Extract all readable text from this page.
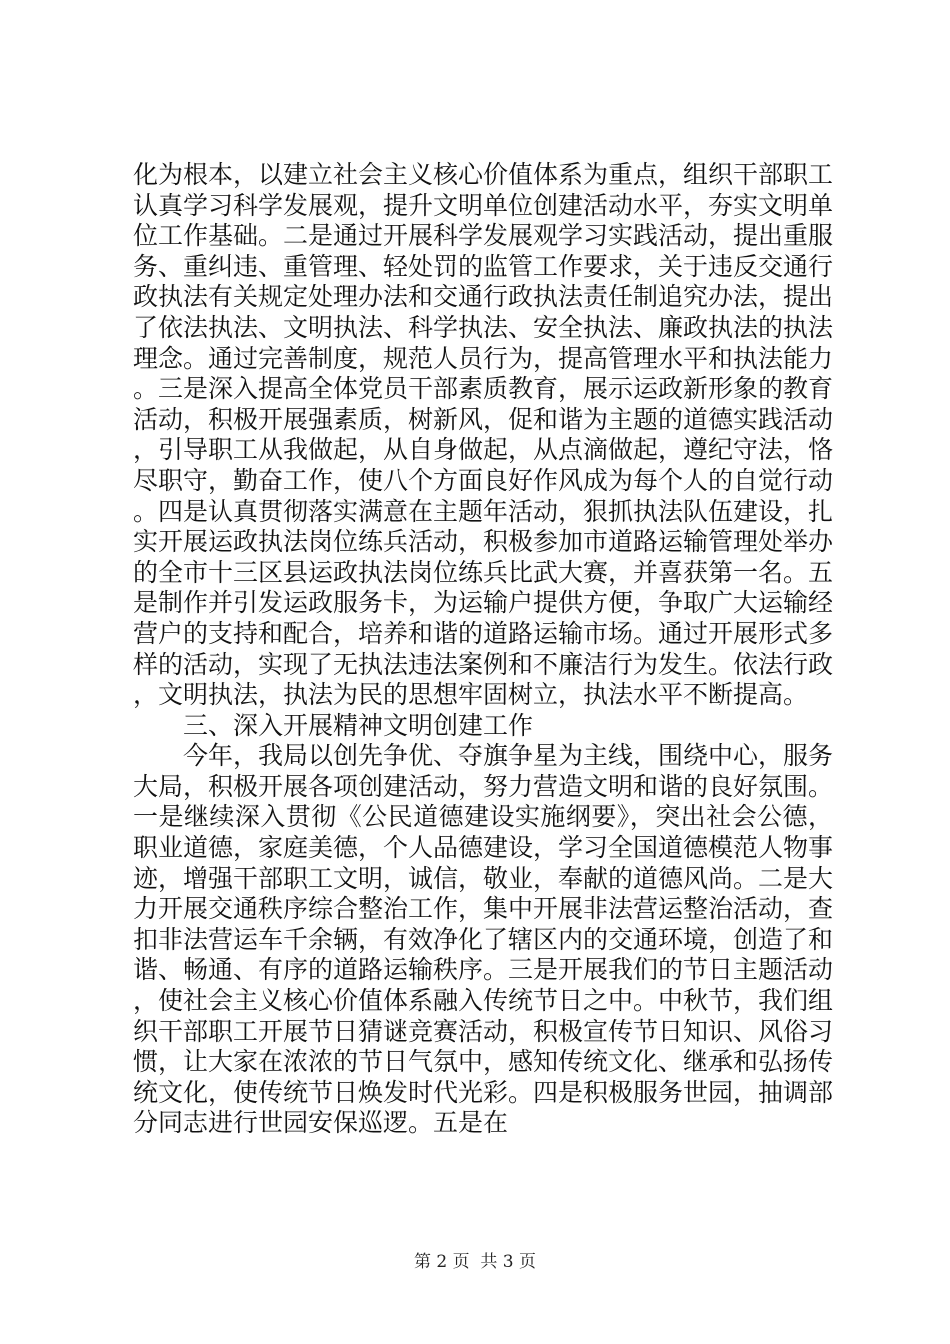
化为根本，以建立社会主义核心价值体系为重点，组织干部职工认真学习科学发展观，提升文明单位创建活动水平，夯实文明单位工作基础。二是通过开展科学发展观学习实践活动，提出重服务、重纠违、重管理、轻处罚的监管工作要求，关于违反交通行政执法有关规定处理办法和交通行政执法责任制追究办法，提出了依法执法、文明执法、科学执法、安全执法、廉政执法的执法理念。通过完善制度，规范人员行为，提高管理水平和执法能力。三是深入提高全体党员干部素质教育，展示运政新形象的教育活动，积极开展强素质，树新风，促和谐为主题的道德实践活动，引导职工从我做起，从自身做起，从点滴做起，遵纪守法，恪尽职守，勤奋工作，使八个方面良好作风成为每个人的自觉行动。四是认真贯彻落实满意在主题年活动，狠抓执法队伍建设，扎实开展运政执法岗位练兵活动，积极参加市道路运输管理处举办的全市十三区县运政执法岗位练兵比武大赛，并喜获第一名。五是制作并引发运政服务卡，为运输户提供方便，争取广大运输经营户的支持和配合，培养和谐的道路运输市场。通过开展形式多样的活动，实现了无执法违法案例和不廉洁行为发生。依法行政，文明执法，执法为民的思想牢固树立，执法水平不断提高。

三、深入开展精神文明创建工作

今年，我局以创先争优、夺旗争星为主线，围绕中心，服务大局，积极开展各项创建活动，努力营造文明和谐的良好氛围。一是继续深入贯彻《公民道德建设实施纲要》，突出社会公德，职业道德，家庭美德，个人品德建设，学习全国道德模范人物事迹，增强干部职工文明，诚信，敬业，奉献的道德风尚。二是大力开展交通秩序综合整治工作，集中开展非法营运整治活动，查扣非法营运车千余辆，有效净化了辖区内的交通环境，创造了和谐、畅通、有序的道路运输秩序。三是开展我们的节日主题活动，使社会主义核心价值体系融入传统节日之中。中秋节，我们组织干部职工开展节日猜谜竞赛活动，积极宣传节日知识、风俗习惯，让大家在浓浓的节日气氛中，感知传统文化、继承和弘扬传统文化，使传统节日焕发时代光彩。四是积极服务世园，抽调部分同志进行世园安保巡逻。五是在

第 2 页  共 3 页
